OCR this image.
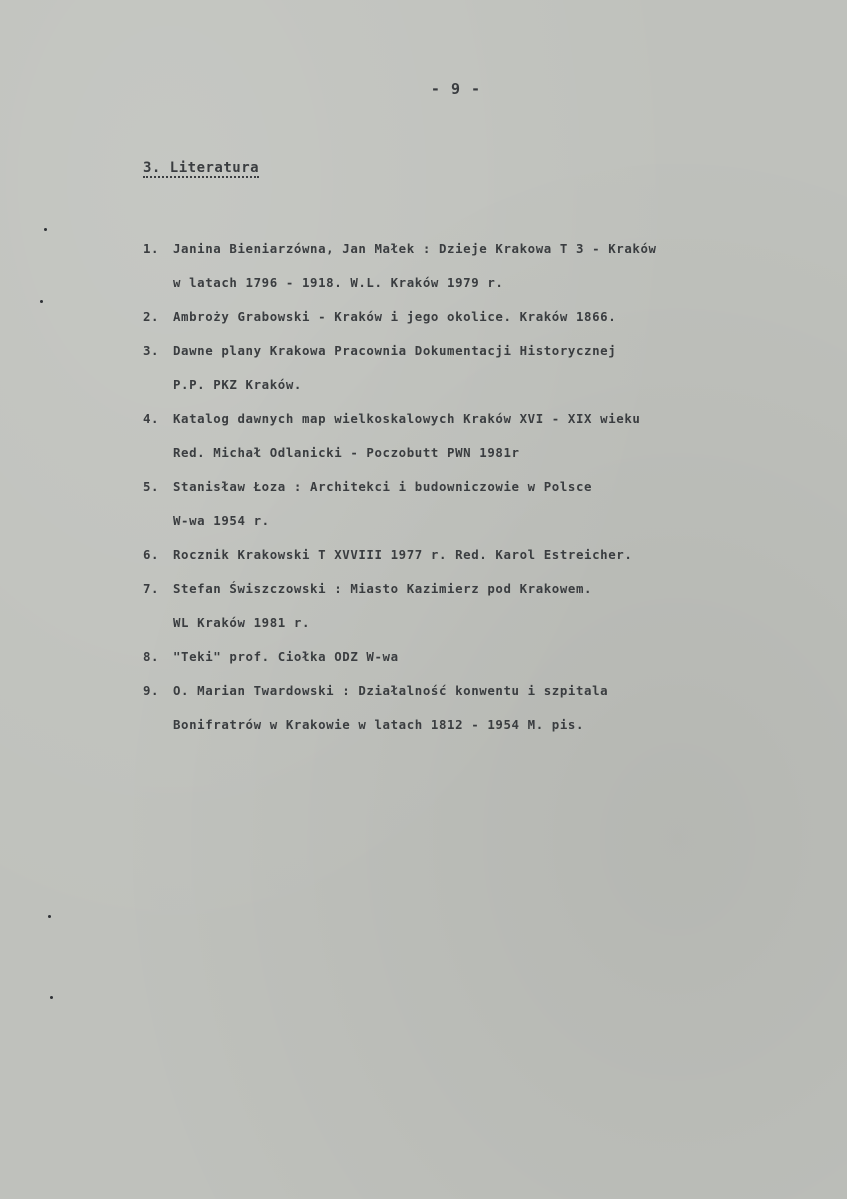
- 9 -
3. Literatura
1.	Janina Bieniarzówna, Jan Małek : Dzieje Krakowa T 3 - Kraków
w latach 1796 - 1918. W.L. Kraków 1979 r.
2.	Ambroży Grabowski - Kraków i jego okolice. Kraków 1866.
3.	Dawne plany Krakowa Pracownia Dokumentacji Historycznej
P.P. PKZ Kraków.
4.	Katalog dawnych map wielkoskalowych Kraków XVI - XIX wieku
Red. Michał Odlanicki - Poczobutt PWN 1981r
5.	Stanisław Łoza : Architekci i budowniczowie w Polsce
W-wa 1954 r.
6.	Rocznik Krakowski T XVVIII 1977 r. Red. Karol Estreicher.
7.	Stefan Świszczowski : Miasto Kazimierz pod Krakowem.
WL Kraków 1981 r.
8.	"Teki" prof. Ciołka ODZ W-wa
9.	O. Marian Twardowski : Działalność konwentu i szpitala
Bonifratrów w Krakowie w latach 1812 - 1954 M. pis.
